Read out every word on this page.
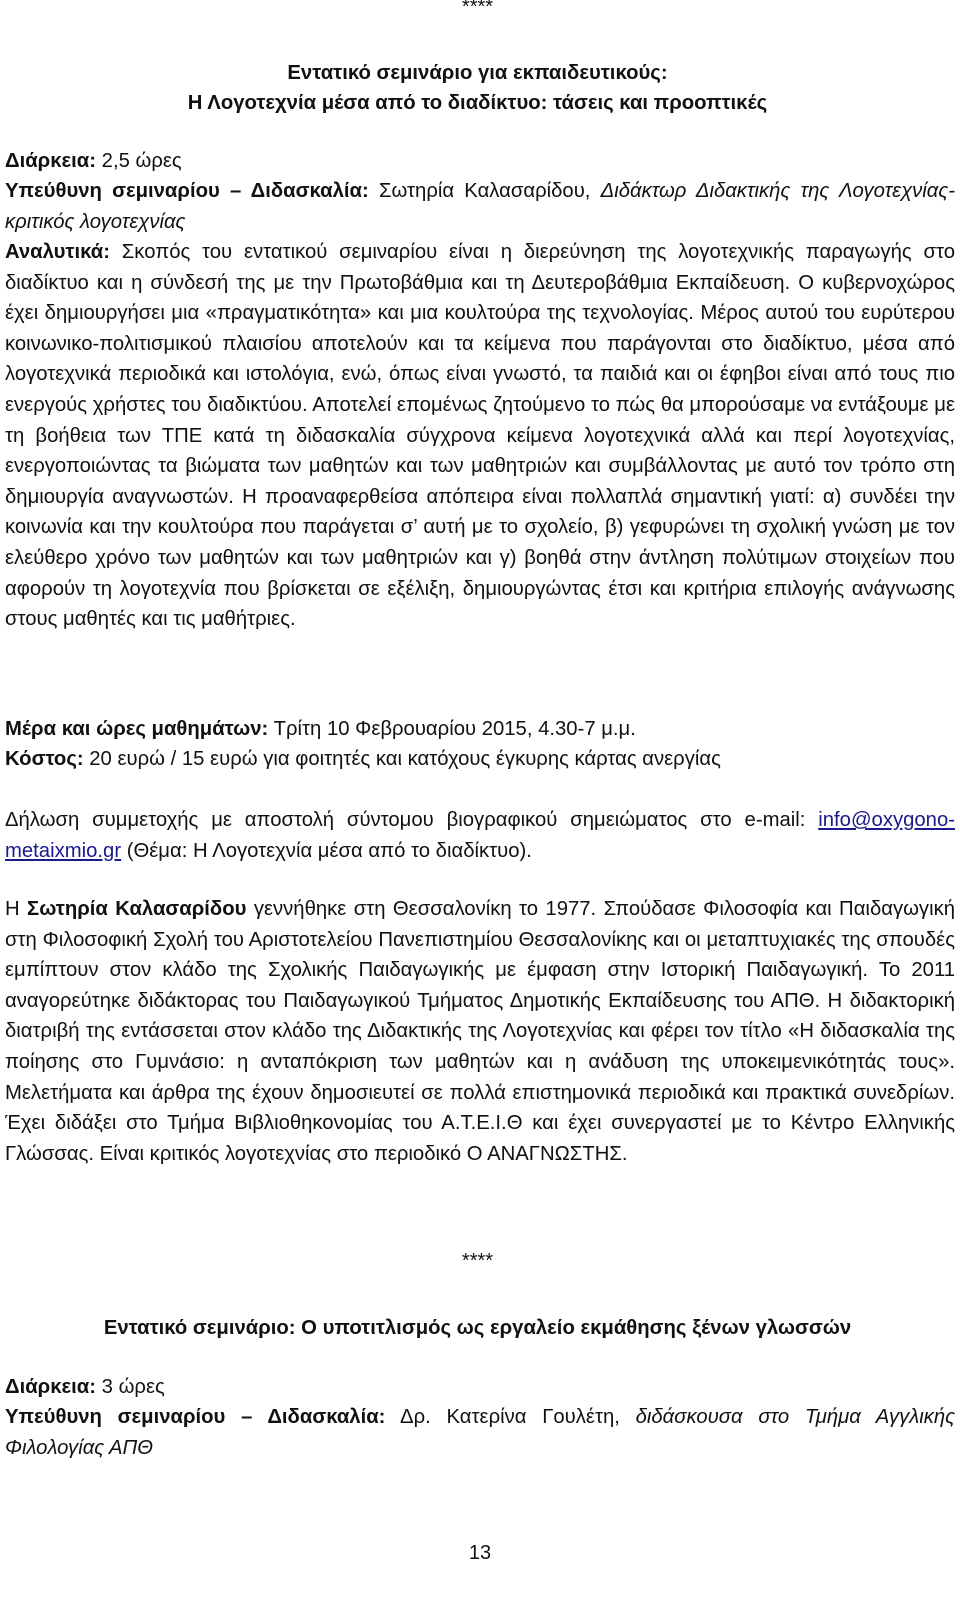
****
Εντατικό σεμινάριο για εκπαιδευτικούς:
Η Λογοτεχνία μέσα από το διαδίκτυο: τάσεις και προοπτικές
Διάρκεια: 2,5 ώρες
Υπεύθυνη σεμιναρίου – Διδασκαλία: Σωτηρία Καλασαρίδου, Διδάκτωρ Διδακτικής της Λογοτεχνίας-κριτικός λογοτεχνίας
Αναλυτικά: Σκοπός του εντατικού σεμιναρίου είναι η διερεύνηση της λογοτεχνικής παραγωγής στο διαδίκτυο και η σύνδεσή της με την Πρωτοβάθμια και τη Δευτεροβάθμια Εκπαίδευση. Ο κυβερνοχώρος έχει δημιουργήσει μια «πραγματικότητα» και μια κουλτούρα της τεχνολογίας. Μέρος αυτού του ευρύτερου κοινωνικο-πολιτισμικού πλαισίου αποτελούν και τα κείμενα που παράγονται στο διαδίκτυο, μέσα από λογοτεχνικά περιοδικά και ιστολόγια, ενώ, όπως είναι γνωστό, τα παιδιά και οι έφηβοι είναι από τους πιο ενεργούς χρήστες του διαδικτύου. Αποτελεί επομένως ζητούμενο το πώς θα μπορούσαμε να εντάξουμε με τη βοήθεια των ΤΠΕ κατά τη διδασκαλία σύγχρονα κείμενα λογοτεχνικά αλλά και περί λογοτεχνίας, ενεργοποιώντας τα βιώματα των μαθητών και των μαθητριών και συμβάλλοντας με αυτό τον τρόπο στη δημιουργία αναγνωστών. Η προαναφερθείσα απόπειρα είναι πολλαπλά σημαντική γιατί: α) συνδέει την κοινωνία και την κουλτούρα που παράγεται σ’ αυτή με το σχολείο, β) γεφυρώνει τη σχολική γνώση με τον ελεύθερο χρόνο των μαθητών και των μαθητριών και γ) βοηθά στην άντληση πολύτιμων στοιχείων που αφορούν τη λογοτεχνία που βρίσκεται σε εξέλιξη, δημιουργώντας έτσι και κριτήρια επιλογής ανάγνωσης στους μαθητές και τις μαθήτριες.
Μέρα και ώρες μαθημάτων: Τρίτη 10 Φεβρουαρίου 2015, 4.30-7 μ.μ.
Κόστος: 20 ευρώ / 15 ευρώ για φοιτητές και κατόχους έγκυρης κάρτας ανεργίας
Δήλωση συμμετοχής με αποστολή σύντομου βιογραφικού σημειώματος στο e-mail: info@oxygono-metaixmio.gr (Θέμα: Η Λογοτεχνία μέσα από το διαδίκτυο).
Η Σωτηρία Καλασαρίδου γεννήθηκε στη Θεσσαλονίκη το 1977. Σπούδασε Φιλοσοφία και Παιδαγωγική στη Φιλοσοφική Σχολή του Αριστοτελείου Πανεπιστημίου Θεσσαλονίκης και οι μεταπτυχιακές της σπουδές εμπίπτουν στον κλάδο της Σχολικής Παιδαγωγικής με έμφαση στην Ιστορική Παιδαγωγική. Το 2011 αναγορεύτηκε διδάκτορας του Παιδαγωγικού Τμήματος Δημοτικής Εκπαίδευσης του ΑΠΘ. Η διδακτορική διατριβή της εντάσσεται στον κλάδο της Διδακτικής της Λογοτεχνίας και φέρει τον τίτλο «Η διδασκαλία της ποίησης στο Γυμνάσιο: η ανταπόκριση των μαθητών και η ανάδυση της υποκειμενικότητάς τους». Μελετήματα και άρθρα της έχουν δημοσιευτεί σε πολλά επιστημονικά περιοδικά και πρακτικά συνεδρίων. Έχει διδάξει στο Τμήμα Βιβλιοθηκονομίας του Α.Τ.Ε.Ι.Θ και έχει συνεργαστεί με το Κέντρο Ελληνικής Γλώσσας. Είναι κριτικός λογοτεχνίας στο περιοδικό Ο ΑΝΑΓΝΩΣΤΗΣ.
****
Εντατικό σεμινάριο: Ο υποτιτλισμός ως εργαλείο εκμάθησης ξένων γλωσσών
Διάρκεια: 3 ώρες
Υπεύθυνη σεμιναρίου – Διδασκαλία: Δρ. Κατερίνα Γουλέτη, διδάσκουσα στο Τμήμα Αγγλικής Φιλολογίας ΑΠΘ
13
